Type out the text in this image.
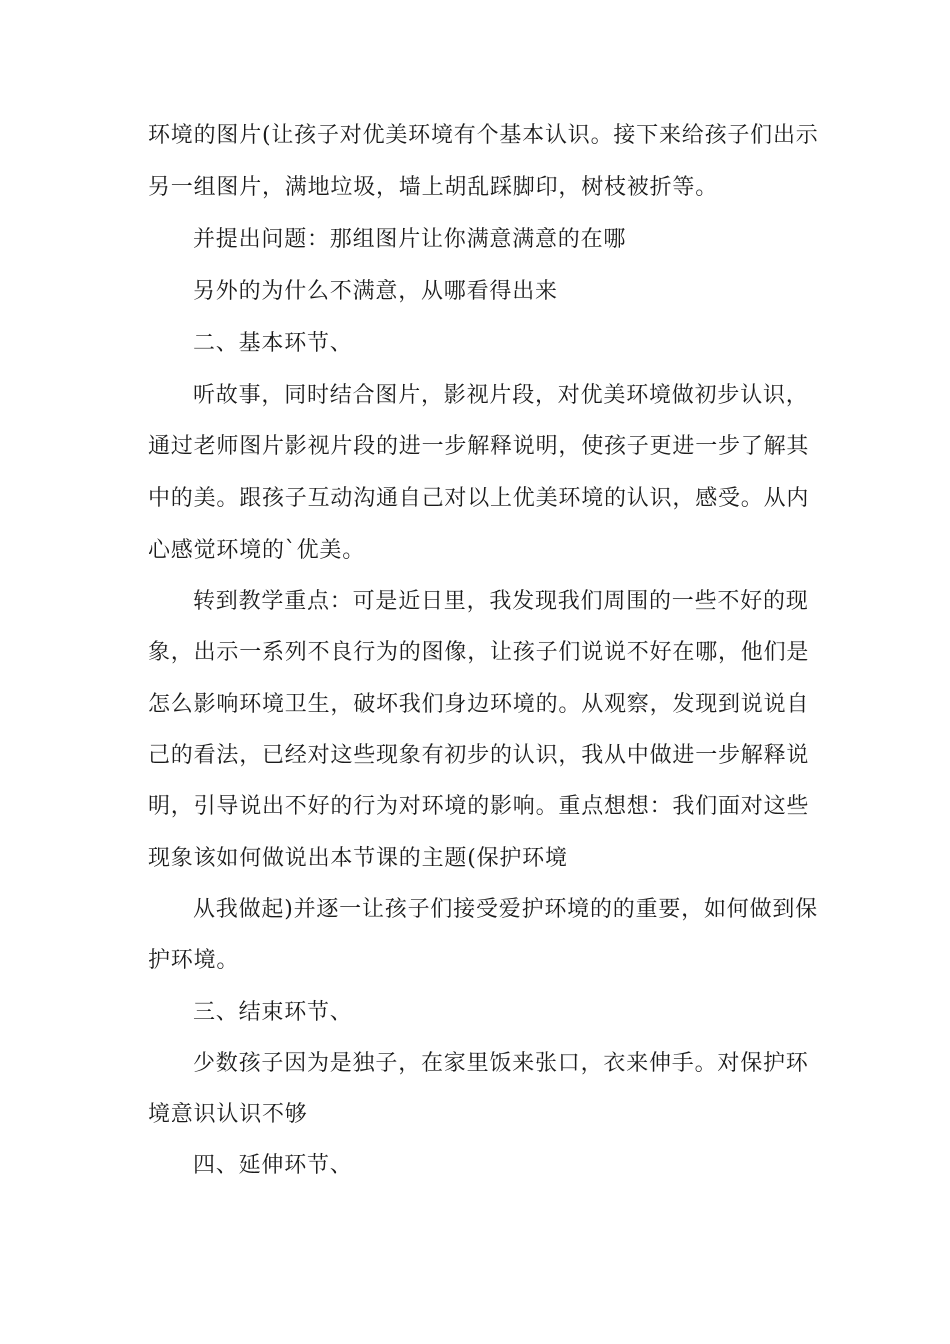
环境的图片(让孩子对优美环境有个基本认识。接下来给孩子们出示
另一组图片，满地垃圾，墙上胡乱踩脚印，树枝被折等。
并提出问题：那组图片让你满意满意的在哪
另外的为什么不满意，从哪看得出来
二、基本环节、
听故事，同时结合图片，影视片段，对优美环境做初步认识，
通过老师图片影视片段的进一步解释说明，使孩子更进一步了解其
中的美。跟孩子互动沟通自己对以上优美环境的认识，感受。从内
心感觉环境的`优美。
转到教学重点：可是近日里，我发现我们周围的一些不好的现
象，出示一系列不良行为的图像，让孩子们说说不好在哪，他们是
怎么影响环境卫生，破坏我们身边环境的。从观察，发现到说说自
己的看法，已经对这些现象有初步的认识，我从中做进一步解释说
明，引导说出不好的行为对环境的影响。重点想想：我们面对这些
现象该如何做说出本节课的主题(保护环境
从我做起)并逐一让孩子们接受爱护环境的的重要，如何做到保
护环境。
三、结束环节、
少数孩子因为是独子，在家里饭来张口，衣来伸手。对保护环
境意识认识不够
四、延伸环节、
